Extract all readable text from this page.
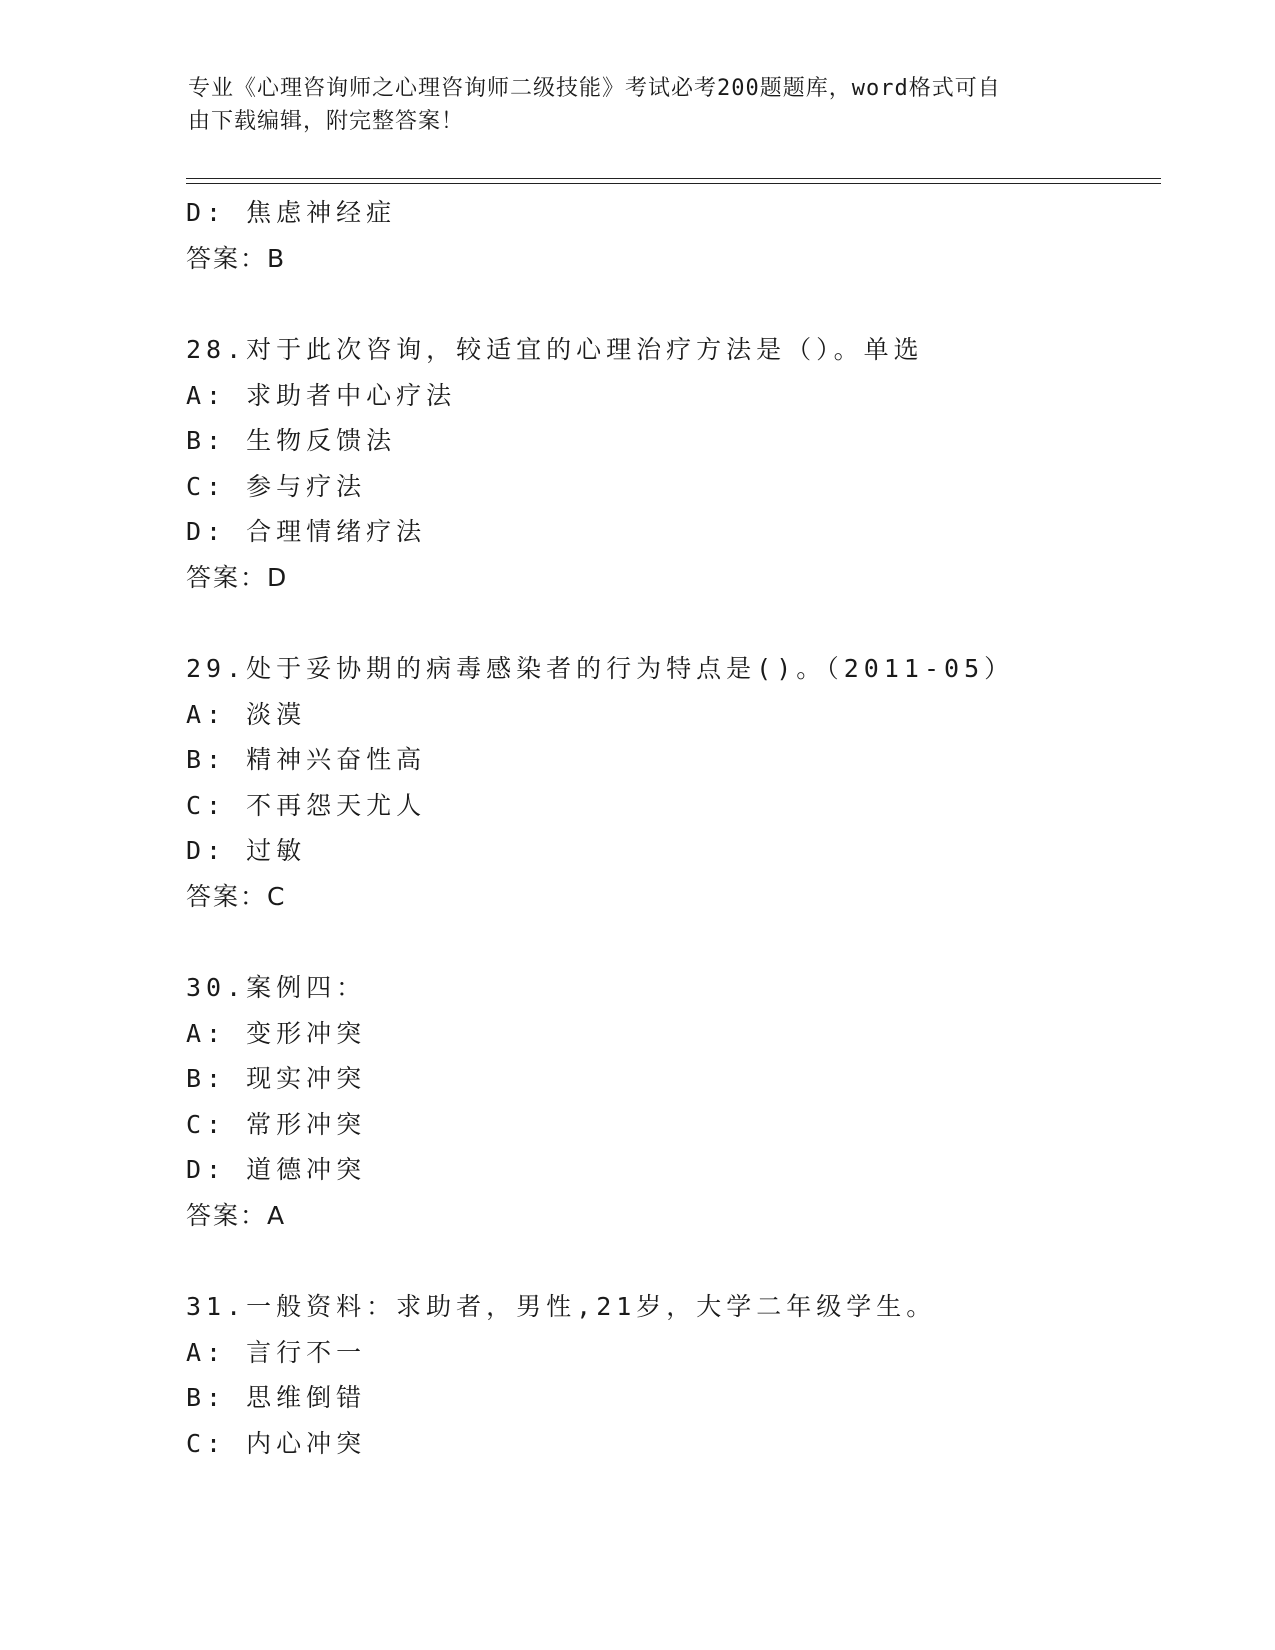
专业《心理咨询师之心理咨询师二级技能》考试必考200题题库，word格式可自
由下载编辑，附完整答案！
D: 焦虑神经症
答案：B
28.对于此次咨询，较适宜的心理治疗方法是（）。单选
A: 求助者中心疗法
B: 生物反馈法
C: 参与疗法
D: 合理情绪疗法
答案：D
29.处于妥协期的病毒感染者的行为特点是()。（2011-05）
A: 淡漠
B: 精神兴奋性高
C: 不再怨天尤人
D: 过敏
答案：C
30.案例四：
A: 变形冲突
B: 现实冲突
C: 常形冲突
D: 道德冲突
答案：A
31.一般资料：求助者，男性,21岁，大学二年级学生。
A: 言行不一
B: 思维倒错
C: 内心冲突
